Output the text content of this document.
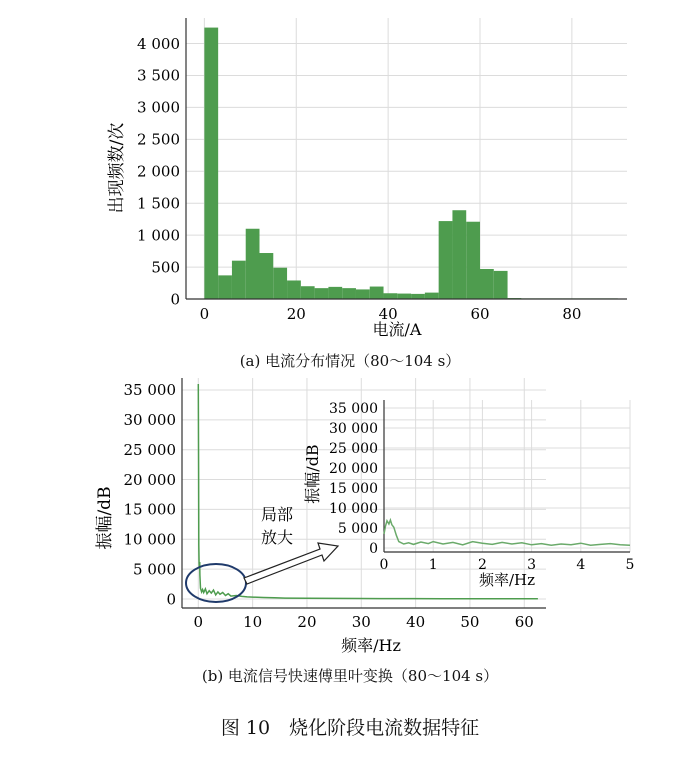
0	20	40	60	80
0
500
1 000
1 500
2 000
2 500
3 000
3 500
4 000
电流/A
出现频数/次
(a) 电流分布情况（80～104 s）
0	10 20 30 40 50 60
0
5 000
10 000
15 000
20 000
25 000
30 000
35 000
频率/Hz
振幅/dB	局部
放大
0	1	2	3	4	5
0
5 000
10 000
15 000
20 000
25 000
30 000
35 000
频率/Hz
振幅/dB
(b) 电流信号快速傅里叶变换（80～104 s）
图 10　烧化阶段电流数据特征
